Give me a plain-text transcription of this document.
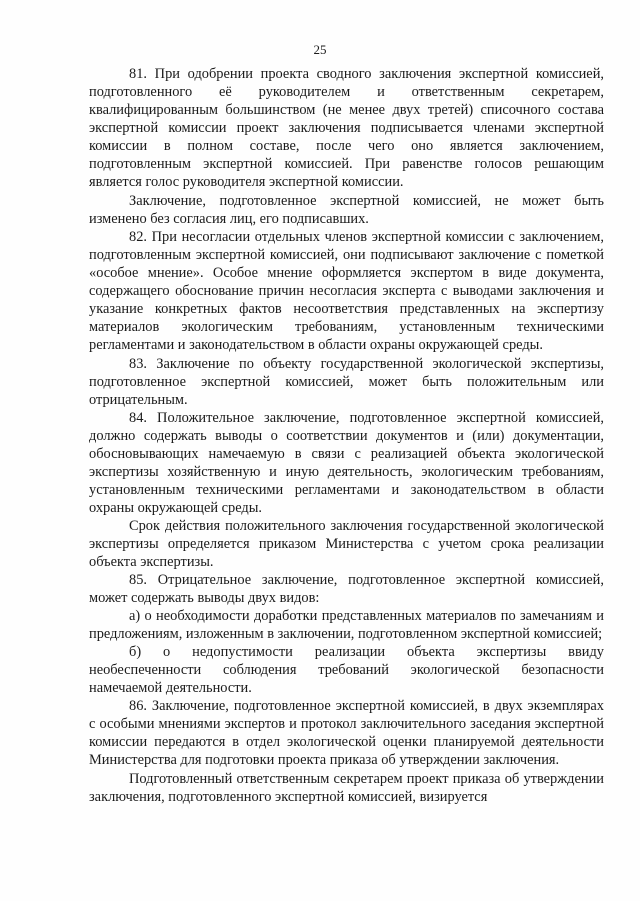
25

81. При одобрении проекта сводного заключения экспертной комиссией, подготовленного её руководителем и ответственным секретарем, квалифицированным большинством (не менее двух третей) списочного состава экспертной комиссии проект заключения подписывается членами экспертной комиссии в полном составе, после чего оно является заключением, подготовленным экспертной комиссией. При равенстве голосов решающим является голос руководителя экспертной комиссии.

Заключение, подготовленное экспертной комиссией, не может быть изменено без согласия лиц, его подписавших.

82. При несогласии отдельных членов экспертной комиссии с заключением, подготовленным экспертной комиссией, они подписывают заключение с пометкой «особое мнение». Особое мнение оформляется экспертом в виде документа, содержащего обоснование причин несогласия эксперта с выводами заключения и указание конкретных фактов несоответствия представленных на экспертизу материалов экологическим требованиям, установленным техническими регламентами и законодательством в области охраны окружающей среды.

83. Заключение по объекту государственной экологической экспертизы, подготовленное экспертной комиссией, может быть положительным или отрицательным.

84. Положительное заключение, подготовленное экспертной комиссией, должно содержать выводы о соответствии документов и (или) документации, обосновывающих намечаемую в связи с реализацией объекта экологической экспертизы хозяйственную и иную деятельность, экологическим требованиям, установленным техническими регламентами и законодательством в области охраны окружающей среды.

Срок действия положительного заключения государственной экологической экспертизы определяется приказом Министерства с учетом срока реализации объекта экспертизы.

85. Отрицательное заключение, подготовленное экспертной комиссией, может содержать выводы двух видов:

а) о необходимости доработки представленных материалов по замечаниям и предложениям, изложенным в заключении, подготовленном экспертной комиссией;

б) о недопустимости реализации объекта экспертизы ввиду необеспеченности соблюдения требований экологической безопасности намечаемой деятельности.

86. Заключение, подготовленное экспертной комиссией, в двух экземплярах с особыми мнениями экспертов и протокол заключительного заседания экспертной комиссии передаются в отдел экологической оценки планируемой деятельности Министерства для подготовки проекта приказа об утверждении заключения.

Подготовленный ответственным секретарем проект приказа об утверждении заключения, подготовленного экспертной комиссией, визируется
